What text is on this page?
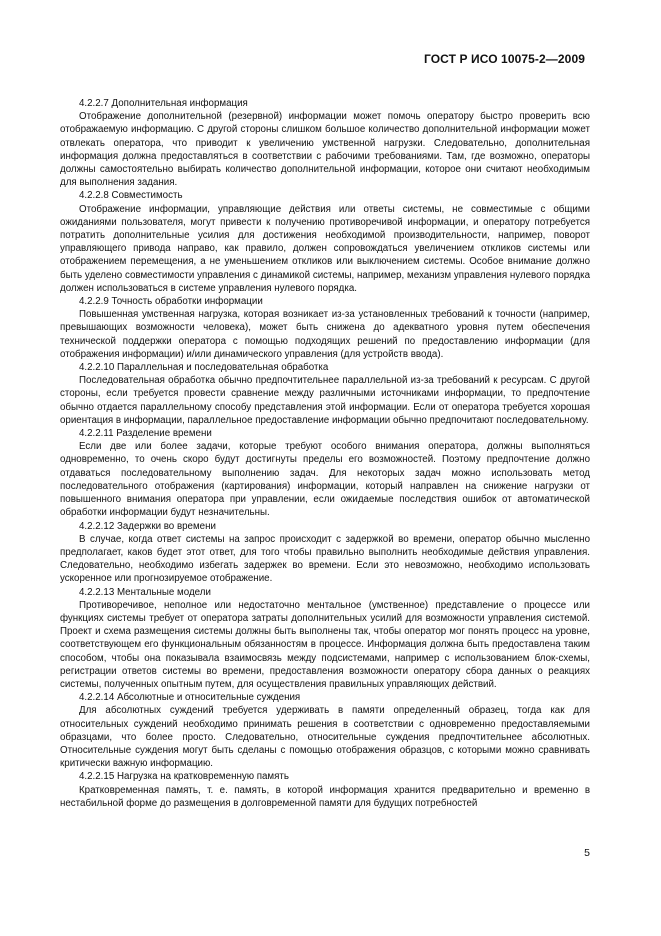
ГОСТ Р ИСО 10075-2—2009

4.2.2.7 Дополнительная информация

Отображение дополнительной (резервной) информации может помочь оператору быстро проверить всю отображаемую информацию. С другой стороны слишком большое количество дополнительной информации может отвлекать оператора, что приводит к увеличению умственной нагрузки. Следовательно, дополнительная информация должна предоставляться в соответствии с рабочими требованиями. Там, где возможно, операторы должны самостоятельно выбирать количество дополнительной информации, которое они считают необходимым для выполнения задания.

4.2.2.8 Совместимость

Отображение информации, управляющие действия или ответы системы, не совместимые с общими ожиданиями пользователя, могут привести к получению противоречивой информации, и оператору потребуется потратить дополнительные усилия для достижения необходимой производительности, например, поворот управляющего привода направо, как правило, должен сопровождаться увеличением откликов системы или отображением перемещения, а не уменьшением откликов или выключением системы. Особое внимание должно быть уделено совместимости управления с динамикой системы, например, механизм управления нулевого порядка должен использоваться в системе управления нулевого порядка.

4.2.2.9 Точность обработки информации

Повышенная умственная нагрузка, которая возникает из-за установленных требований к точности (например, превышающих возможности человека), может быть снижена до адекватного уровня путем обеспечения технической поддержки оператора с помощью подходящих решений по предоставлению информации (для отображения информации) и/или динамического управления (для устройств ввода).

4.2.2.10 Параллельная и последовательная обработка

Последовательная обработка обычно предпочтительнее параллельной из-за требований к ресурсам. С другой стороны, если требуется провести сравнение между различными источниками информации, то предпочтение обычно отдается параллельному способу представления этой информации. Если от оператора требуется хорошая ориентация в информации, параллельное предоставление информации обычно предпочитают последовательному.

4.2.2.11 Разделение времени

Если две или более задачи, которые требуют особого внимания оператора, должны выполняться одновременно, то очень скоро будут достигнуты пределы его возможностей. Поэтому предпочтение должно отдаваться последовательному выполнению задач. Для некоторых задач можно использовать метод последовательного отображения (картирования) информации, который направлен на снижение нагрузки от повышенного внимания оператора при управлении, если ожидаемые последствия ошибок от автоматической обработки информации будут незначительны.

4.2.2.12 Задержки во времени

В случае, когда ответ системы на запрос происходит с задержкой во времени, оператор обычно мысленно предполагает, каков будет этот ответ, для того чтобы правильно выполнить необходимые действия управления. Следовательно, необходимо избегать задержек во времени. Если это невозможно, необходимо использовать ускоренное или прогнозируемое отображение.

4.2.2.13 Ментальные модели

Противоречивое, неполное или недостаточно ментальное (умственное) представление о процессе или функциях системы требует от оператора затраты дополнительных усилий для возможности управления системой. Проект и схема размещения системы должны быть выполнены так, чтобы оператор мог понять процесс на уровне, соответствующем его функциональным обязанностям в процессе. Информация должна быть предоставлена таким способом, чтобы она показывала взаимосвязь между подсистемами, например с использованием блок-схемы, регистрации ответов системы во времени, предоставления возможности оператору сбора данных о реакциях системы, полученных опытным путем, для осуществления правильных управляющих действий.

4.2.2.14 Абсолютные и относительные суждения

Для абсолютных суждений требуется удерживать в памяти определенный образец, тогда как для относительных суждений необходимо принимать решения в соответствии с одновременно предоставляемыми образцами, что более просто. Следовательно, относительные суждения предпочтительнее абсолютных. Относительные суждения могут быть сделаны с помощью отображения образцов, с которыми можно сравнивать критически важную информацию.

4.2.2.15 Нагрузка на кратковременную память

Кратковременная память, т. е. память, в которой информация хранится предварительно и временно в нестабильной форме до размещения в долговременной памяти для будущих потребностей

5
